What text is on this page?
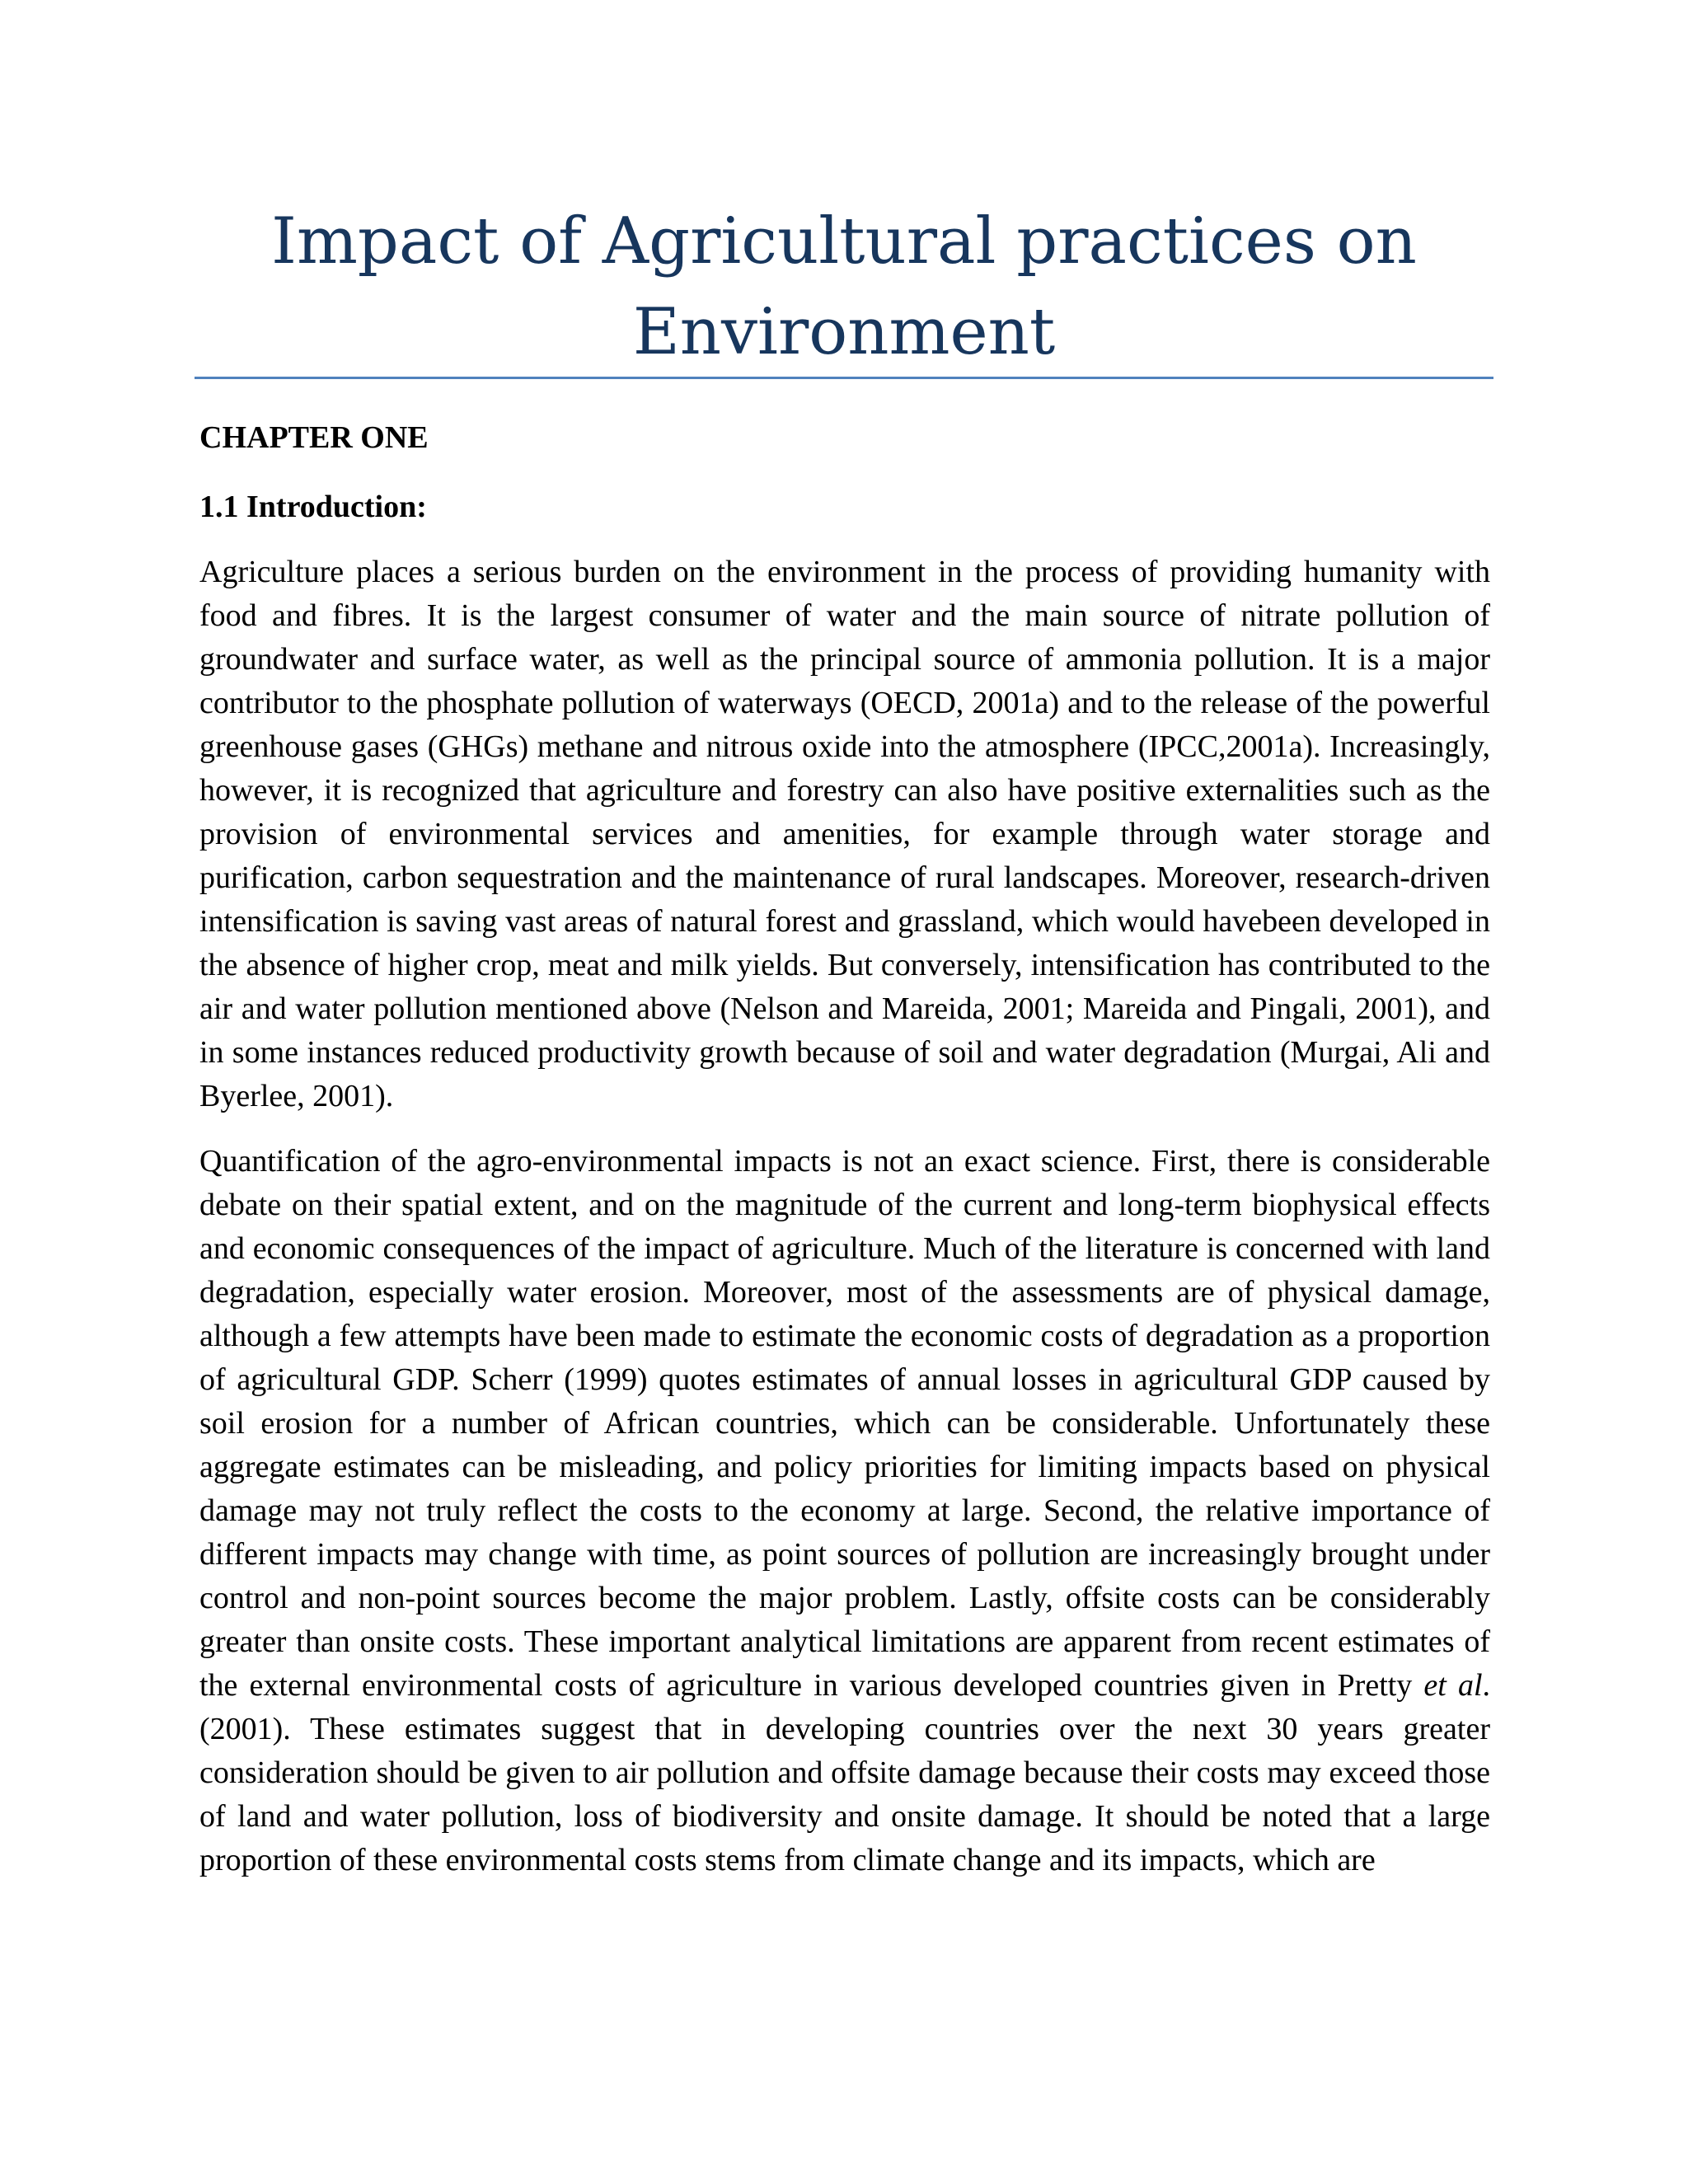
Impact of Agricultural practices on Environment
CHAPTER ONE
1.1 Introduction:

Agriculture places a serious burden on the environment in the process of providing humanity with food and fibres. It is the largest consumer of water and the main source of nitrate pollution of groundwater and surface water, as well as the principal source of ammonia pollution. It is a major contributor to the phosphate pollution of waterways (OECD, 2001a) and to the release of the powerful greenhouse gases (GHGs) methane and nitrous oxide into the atmosphere (IPCC,2001a). Increasingly, however, it is recognized that agriculture and forestry can also have positive externalities such as the provision of environmental services and amenities, for example through water storage and purification, carbon sequestration and the maintenance of rural landscapes. Moreover, research-driven intensification is saving vast areas of natural forest and grassland, which would havebeen developed in the absence of higher crop, meat and milk yields. But conversely, intensification has contributed to the air and water pollution mentioned above (Nelson and Mareida, 2001; Mareida and Pingali, 2001), and in some instances reduced productivity growth because of soil and water degradation (Murgai, Ali and Byerlee, 2001).

Quantification of the agro-environmental impacts is not an exact science. First, there is considerable debate on their spatial extent, and on the magnitude of the current and long-term biophysical effects and economic consequences of the impact of agriculture. Much of the literature is concerned with land degradation, especially water erosion. Moreover, most of the assessments are of physical damage, although a few attempts have been made to estimate the economic costs of degradation as a proportion of agricultural GDP. Scherr (1999) quotes estimates of annual losses in agricultural GDP caused by soil erosion for a number of African countries, which can be considerable. Unfortunately these aggregate estimates can be misleading, and policy priorities for limiting impacts based on physical damage may not truly reflect the costs to the economy at large. Second, the relative importance of different impacts may change with time, as point sources of pollution are increasingly brought under control and non-point sources become the major problem. Lastly, offsite costs can be considerably greater than onsite costs. These important analytical limitations are apparent from recent estimates of the external environmental costs of agriculture in various developed countries given in Pretty et al. (2001). These estimates suggest that in developing countries over the next 30 years greater consideration should be given to air pollution and offsite damage because their costs may exceed those of land and water pollution, loss of biodiversity and onsite damage. It should be noted that a large proportion of these environmental costs stems from climate change and its impacts, which are
